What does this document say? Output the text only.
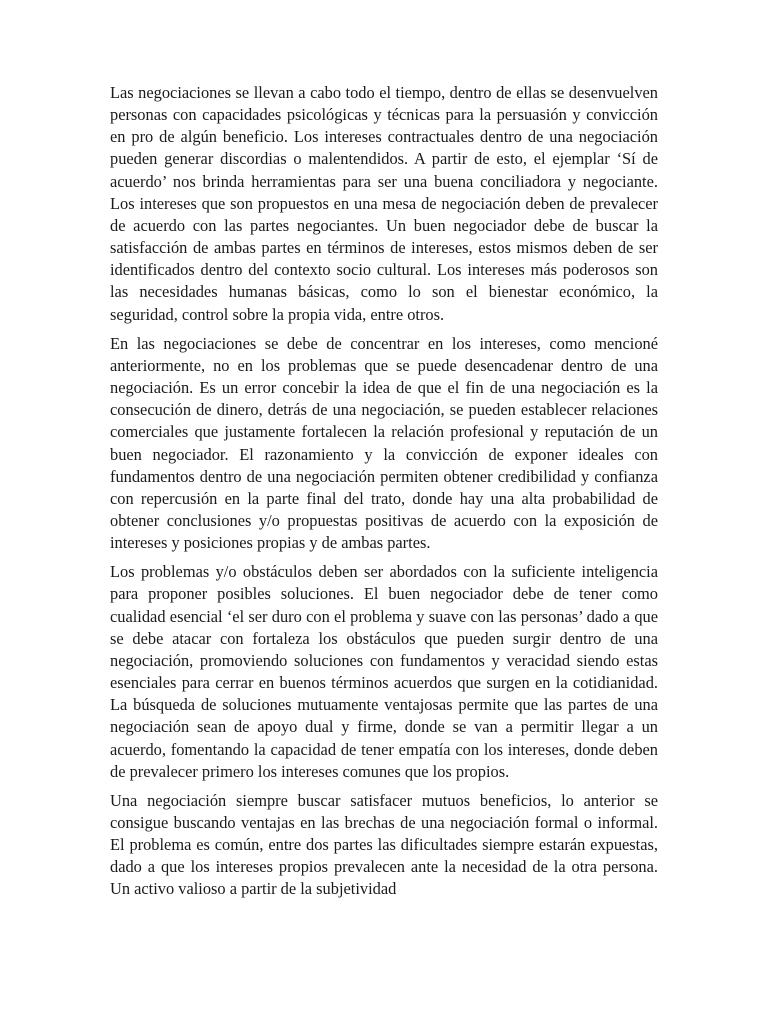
Las negociaciones se llevan a cabo todo el tiempo, dentro de ellas se desenvuelven personas con capacidades psicológicas y técnicas para la persuasión y convicción en pro de algún beneficio. Los intereses contractuales dentro de una negociación pueden generar discordias o malentendidos. A partir de esto, el ejemplar ‘Sí de acuerdo’ nos brinda herramientas para ser una buena conciliadora y negociante. Los intereses que son propuestos en una mesa de negociación deben de prevalecer de acuerdo con las partes negociantes. Un buen negociador debe de buscar la satisfacción de ambas partes en términos de intereses, estos mismos deben de ser identificados dentro del contexto socio cultural. Los intereses más poderosos son las necesidades humanas básicas, como lo son el bienestar económico, la seguridad, control sobre la propia vida, entre otros.

En las negociaciones se debe de concentrar en los intereses, como mencioné anteriormente, no en los problemas que se puede desencadenar dentro de una negociación. Es un error concebir la idea de que el fin de una negociación es la consecución de dinero, detrás de una negociación, se pueden establecer relaciones comerciales que justamente fortalecen la relación profesional y reputación de un buen negociador. El razonamiento y la convicción de exponer ideales con fundamentos dentro de una negociación permiten obtener credibilidad y confianza con repercusión en la parte final del trato, donde hay una alta probabilidad de obtener conclusiones y/o propuestas positivas de acuerdo con la exposición de intereses y posiciones propias y de ambas partes.

Los problemas y/o obstáculos deben ser abordados con la suficiente inteligencia para proponer posibles soluciones. El buen negociador debe de tener como cualidad esencial ‘el ser duro con el problema y suave con las personas’ dado a que se debe atacar con fortaleza los obstáculos que pueden surgir dentro de una negociación, promoviendo soluciones con fundamentos y veracidad siendo estas esenciales para cerrar en buenos términos acuerdos que surgen en la cotidianidad. La búsqueda de soluciones mutuamente ventajosas permite que las partes de una negociación sean de apoyo dual y firme, donde se van a permitir llegar a un acuerdo, fomentando la capacidad de tener empatía con los intereses, donde deben de prevalecer primero los intereses comunes que los propios.

Una negociación siempre buscar satisfacer mutuos beneficios, lo anterior se consigue buscando ventajas en las brechas de una negociación formal o informal. El problema es común, entre dos partes las dificultades siempre estarán expuestas, dado a que los intereses propios prevalecen ante la necesidad de la otra persona. Un activo valioso a partir de la subjetividad
